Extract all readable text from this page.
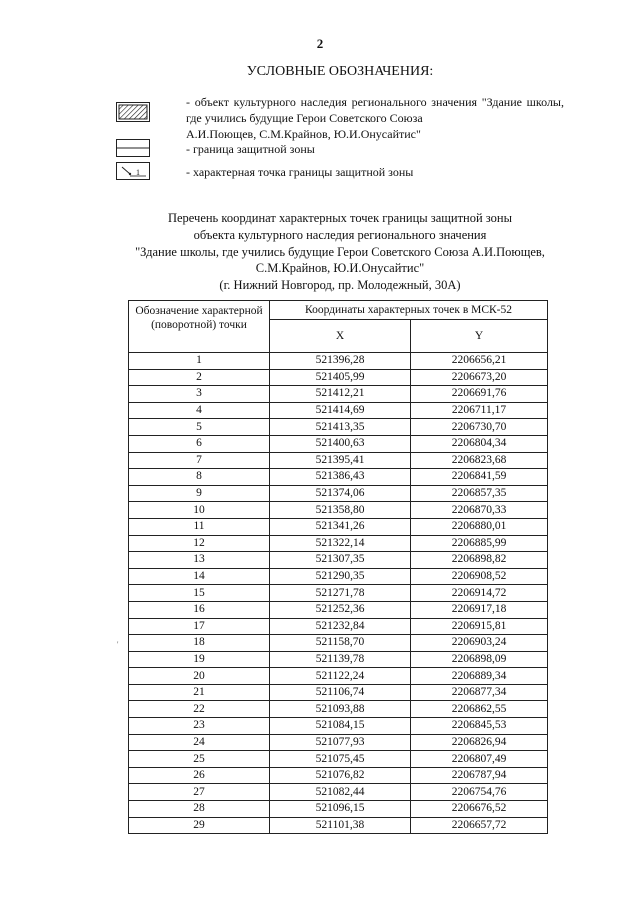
2
УСЛОВНЫЕ ОБОЗНАЧЕНИЯ:
- объект культурного наследия регионального значения "Здание школы, где учились будущие Герои Советского Союза
А.И.Поющев, С.М.Крайнов, Ю.И.Онусайтис"
- граница защитной зоны
1	- характерная точка границы защитной зоны
Перечень координат характерных точек границы защитной зоны
объекта культурного наследия регионального значения
"Здание школы, где учились будущие Герои Советского Союза А.И.Поющев,
С.М.Крайнов, Ю.И.Онусайтис"
(г. Нижний Новгород, пр. Молодежный, 30А)
Обозначение характерной (поворотной) точки	Координаты характерных точек в МСК-52	
	X	Y
1	521396,28	2206656,21
2	521405,99	2206673,20
3	521412,21	2206691,76
4	521414,69	2206711,17
5	521413,35	2206730,70
6	521400,63	2206804,34
7	521395,41	2206823,68
8	521386,43	2206841,59
9	521374,06	2206857,35
10	521358,80	2206870,33
11	521341,26	2206880,01
12	521322,14	2206885,99
13	521307,35	2206898,82
14	521290,35	2206908,52
15	521271,78	2206914,72
16	521252,36	2206917,18
17	521232,84	2206915,81
18	521158,70	2206903,24
19	521139,78	2206898,09
20	521122,24	2206889,34
21	521106,74	2206877,34
22	521093,88	2206862,55
23	521084,15	2206845,53
24	521077,93	2206826,94
25	521075,45	2206807,49
26	521076,82	2206787,94
27	521082,44	2206754,76
28	521096,15	2206676,52
29	521101,38	2206657,72
'
